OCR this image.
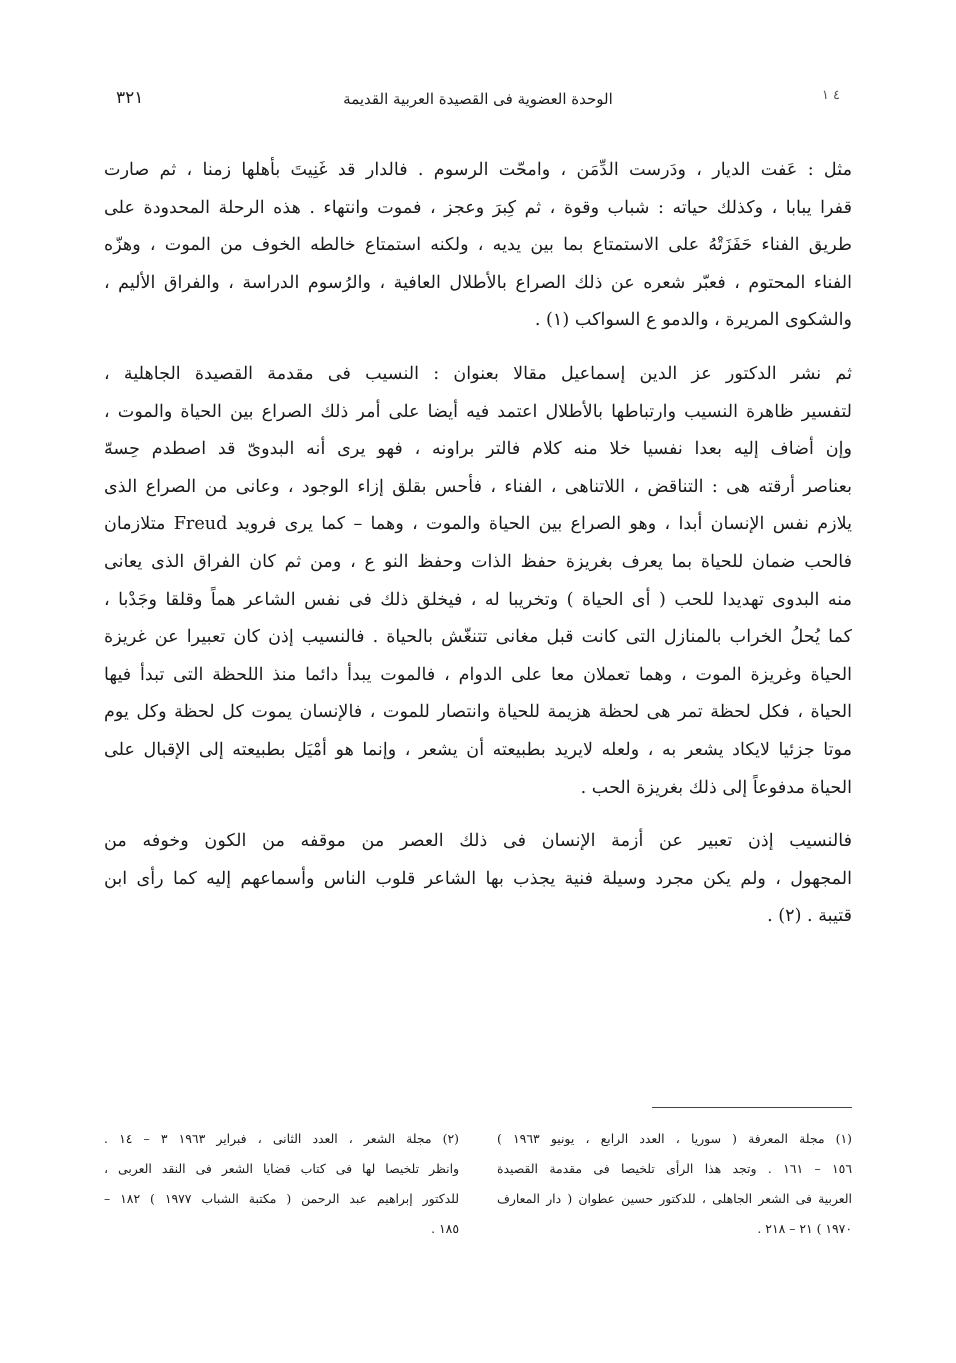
٣٢١	الوحدة العضوية فى القصيدة العربية القديمة	٤ ١

مثل : عَفت الديار ، ودَرست الدِّمَن ، وامحّت الرسوم . فالدار قد غَنِيتَ بأهلها زمنا ، ثم صارت
قفرا يبابا ، وكذلك حياته : شباب وقوة ، ثم كِبرَ وعجز ، فموت وانتهاء . هذه الرحلة المحدودة على
طريق الفناء حَفَزَتْهُ على الاستمتاع بما بين يديه ، ولكنه استمتاع خالطه الخوف من الموت ، وهزّه
الفناء المحتوم ، فعبّر شعره عن ذلك الصراع بالأطلال العافية ، والرُسوم الدراسة ، والفراق الأليم ،
والشكوى المريرة ، والدمو ع السواكب (١) .

ثم نشر الدكتور عز الدين إسماعيل مقالا بعنوان : النسيب فى مقدمة القصيدة الجاهلية ،
لتفسير ظاهرة النسيب وارتباطها بالأطلال اعتمد فيه أيضا على أمر ذلك الصراع بين الحياة والموت ،
وإن أضاف إليه بعدا نفسيا خلا منه كلام فالتر براونه ، فهو يرى أنه البدوىّ قد اصطدم حِسهّ
بعناصر أرقته هى : التناقض ، اللاتناهى ، الفناء ، فأحس بقلق إزاء الوجود ، وعانى من الصراع الذى
يلازم نفس الإنسان أبدا ، وهو الصراع بين الحياة والموت ، وهما – كما يرى فرويد Freud متلازمان
فالحب ضمان للحياة بما يعرف بغريزة حفظ الذات وحفظ النو ع ، ومن ثم كان الفراق الذى يعانى
منه البدوى تهديدا للحب ( أى الحياة ) وتخريبا له ، فيخلق ذلك فى نفس الشاعر هماً وقلقا وجَدْبا ،
كما يُحلُ الخراب بالمنازل التى كانت قبل مغانى تتنغّش بالحياة . فالنسيب إذن كان تعبيرا عن غريزة
الحياة وغريزة الموت ، وهما تعملان معا على الدوام ، فالموت يبدأ دائما منذ اللحظة التى تبدأ فيها
الحياة ، فكل لحظة تمر هى لحظة هزيمة للحياة وانتصار للموت ، فالإنسان يموت كل لحظة وكل يوم
موتا جزئيا لايكاد يشعر به ، ولعله لايريد بطبيعته أن يشعر ، وإنما هو أمْيَل بطبيعته إلى الإقبال على
الحياة مدفوعاً إلى ذلك بغريزة الحب .

فالنسيب إذن تعبير عن أزمة الإنسان فى ذلك العصر من موقفه من الكون وخوفه من
المجهول ، ولم يكن مجرد وسيلة فنية يجذب بها الشاعر قلوب الناس وأسماعهم إليه كما رأى ابن
قتيبة . (٢) .

(١) مجلة المعرفة ( سوريا ، العدد الرابع ، يونيو ١٩٦٣ )
١٥٦ – ١٦١ . وتجد هذا الرأى تلخيصا فى مقدمة القصيدة
العربية فى الشعر الجاهلى ، للدكتور حسين عطوان ( دار المعارف
١٩٧٠ ) ٢١ – ٢١٨ .
(٢) مجلة الشعر ، العدد الثانى ، فبراير ١٩٦٣ ٣ – ١٤ .
وانظر تلخيصا لها فى كتاب قضايا الشعر فى النقد العربى ،
للدكتور إبراهيم عبد الرحمن ( مكتبة الشباب ١٩٧٧ ) ١٨٢ –
١٨٥ .
